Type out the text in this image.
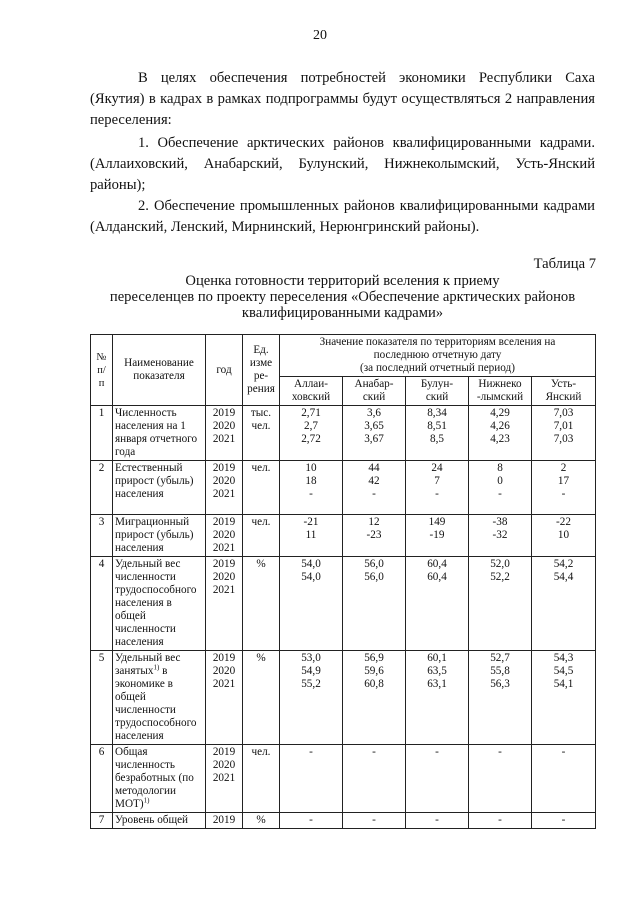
20

В целях обеспечения потребностей экономики Республики Саха (Якутия) в кадрах в рамках подпрограммы будут осуществляться 2 направления переселения:

1. Обеспечение арктических районов квалифицированными кадрами. (Аллаиховский, Анабарский, Булунский, Нижнеколымский, Усть-Янский районы);

2. Обеспечение промышленных районов квалифицированными кадрами (Алданский, Ленский, Мирнинский, Нерюнгринский районы).

Таблица 7
Оценка готовности территорий вселения к приему
переселенцев по проекту переселения «Обеспечение арктических районов
квалифицированными кадрами»
№
п/
п	Наименование показателя	год	Ед.
изме
ре-
рения	Значение показателя по территориям вселения на
последнюю отчетную дату
(за последний отчетный период)				

				Аллаи-
ховский	Анабар-
ский	Булун-
ский	Нижнеко
-лымский	Усть-
Янский

1	Численность населения на 1 января отчетного года	2019
2020
2021	тыс.
чел.	2,71
2,7
2,72	3,6
3,65
3,67	8,34
8,51
8,5	4,29
4,26
4,23	7,03
7,01
7,03

2	Естественный прирост (убыль) населения	2019
2020
2021	чел.	10
18
-	44
42
-	24
7
-	8
0
-	2
17
-

3	Миграционный прирост (убыль) населения	2019
2020
2021	чел.	-21
11	12
-23	149
-19	-38
-32	-22
10

4	Удельный вес численности трудоспособного населения в общей численности населения	2019
2020
2021	%	54,0
54,0	56,0
56,0	60,4
60,4	52,0
52,2	54,2
54,4

5	Удельный вес занятых$^{1)}$ в экономике в общей численности трудоспособного населения	2019
2020
2021	%	53,0
54,9
55,2	56,9
59,6
60,8	60,1
63,5
63,1	52,7
55,8
56,3	54,3
54,5
54,1

6	Общая численность безработных (по методологии МОТ)$^{1)}$	2019
2020
2021	чел.	-	-	-	-	-
7	Уровень общей	2019	%	-	-	-	-	-
